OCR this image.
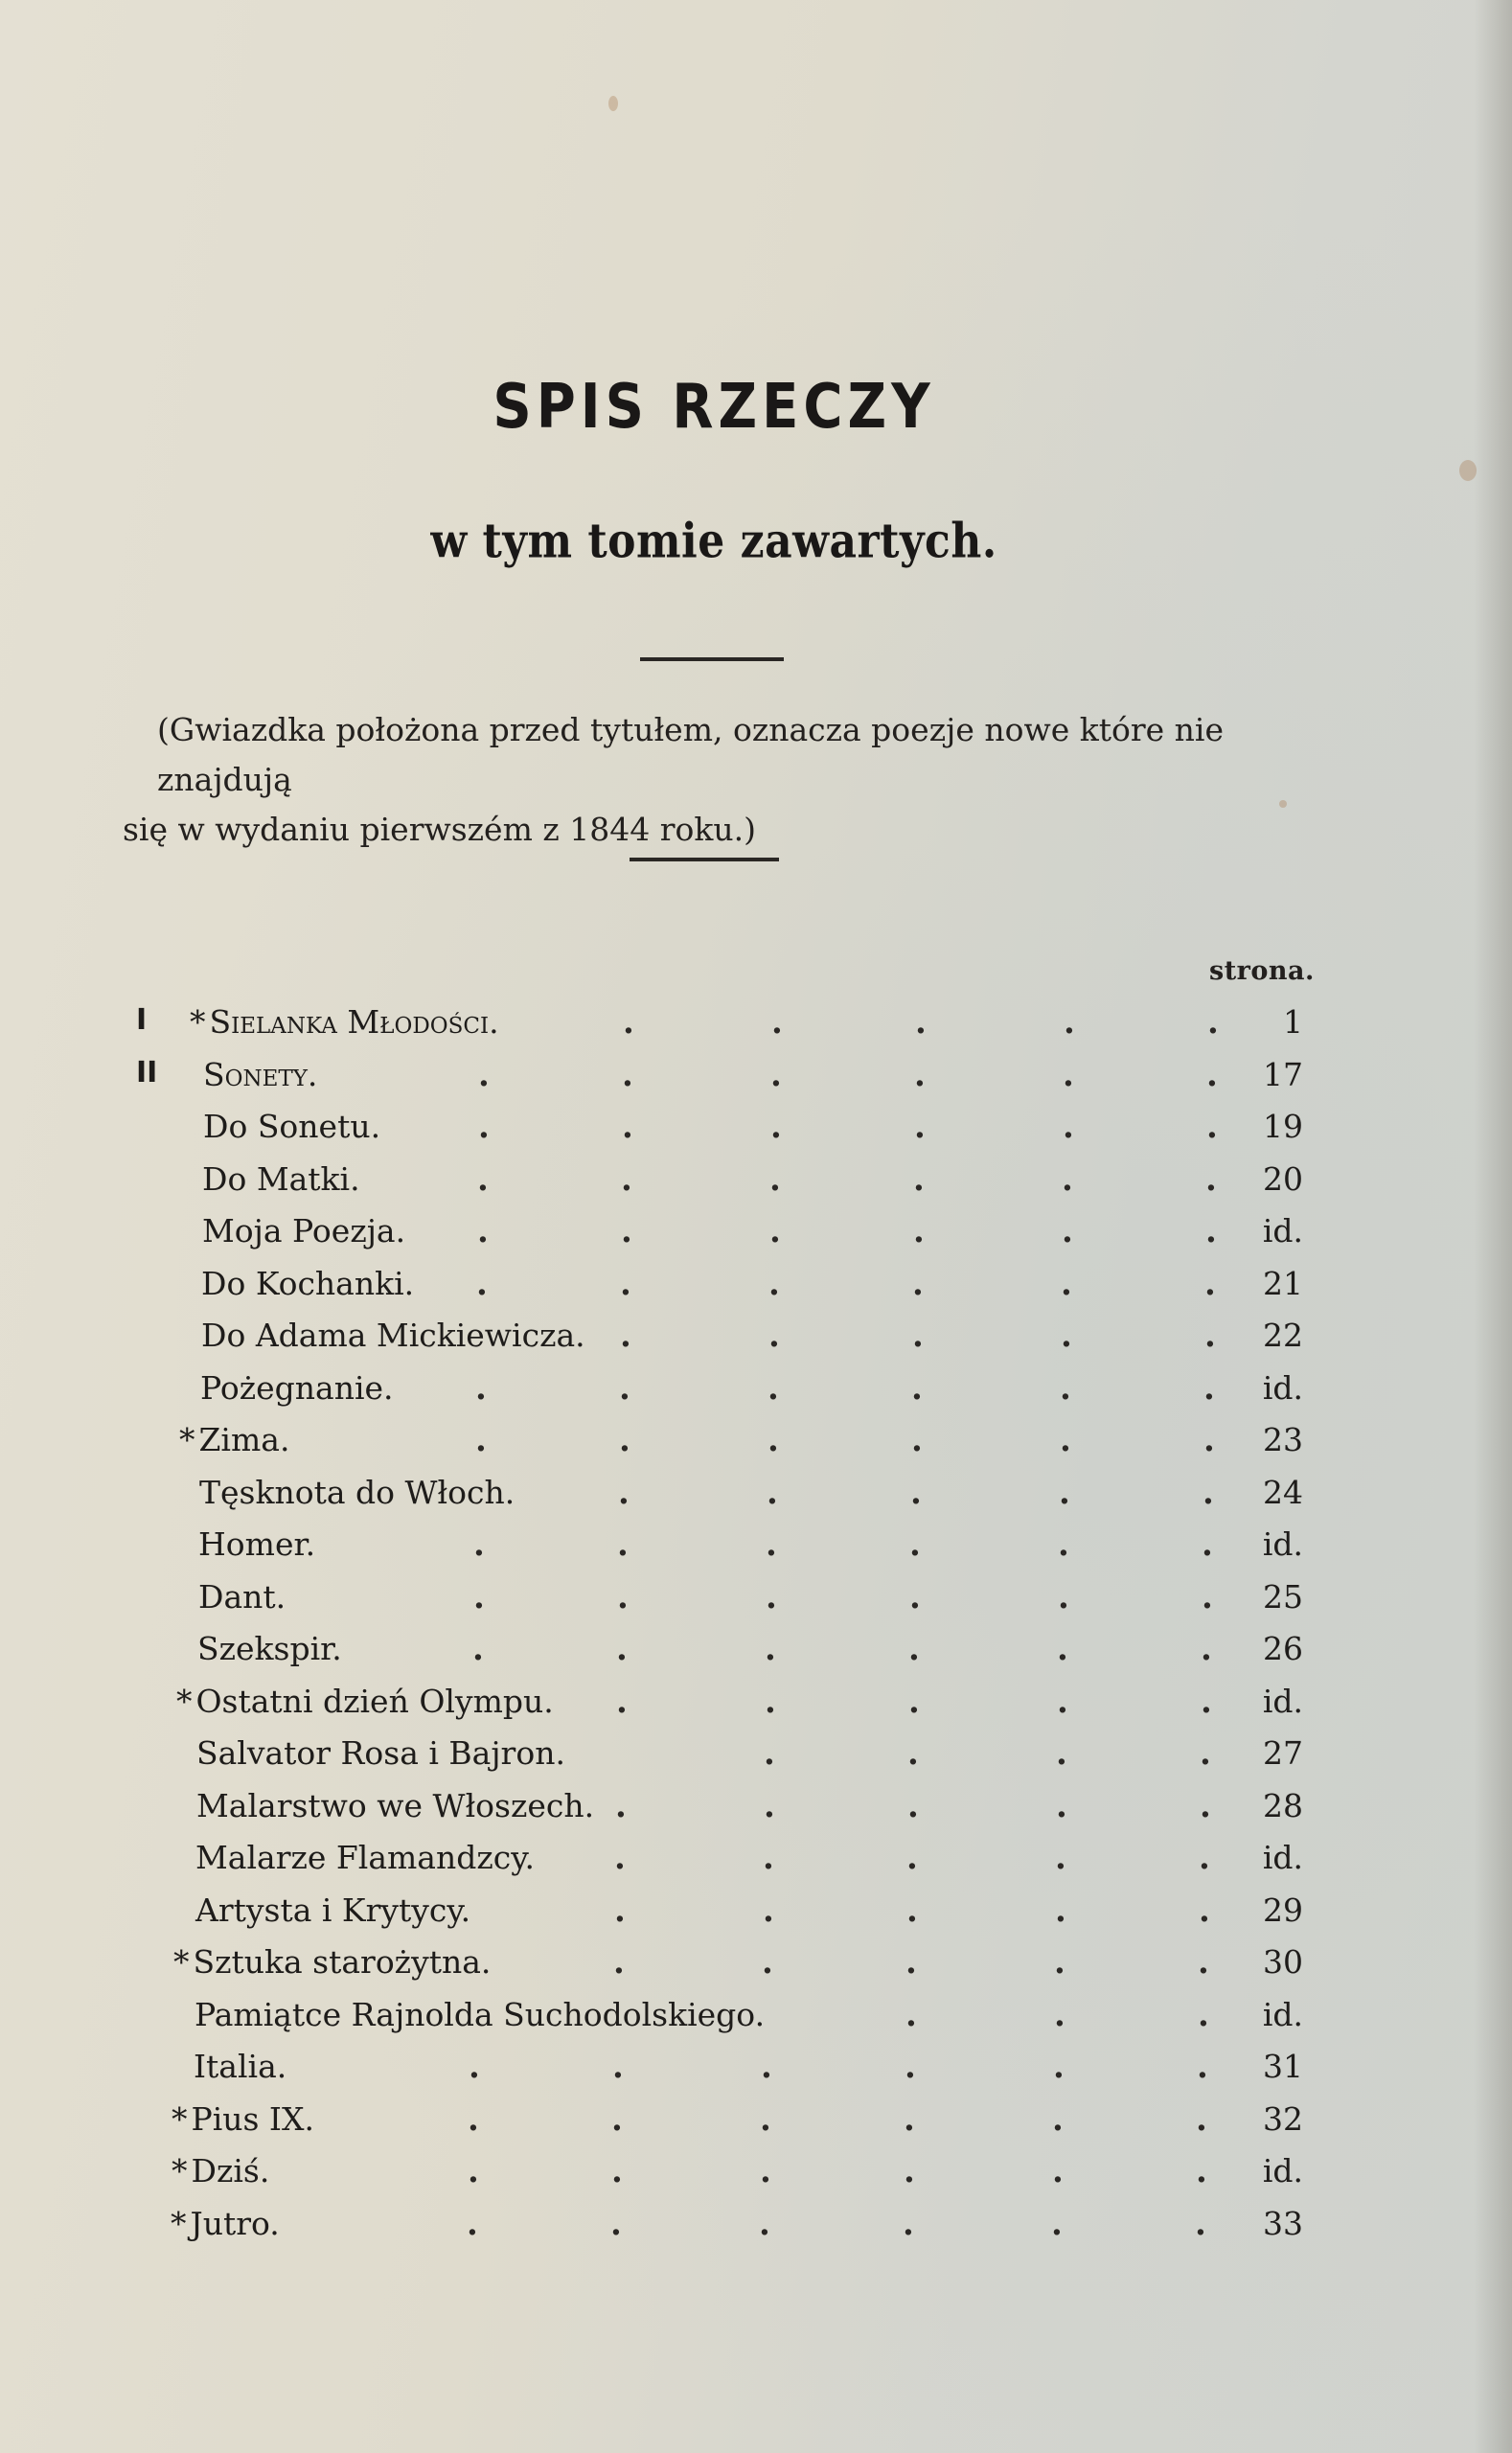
SPIS RZECZY
w tym tomie zawartych.
(Gwiazdka położona przed tytułem, oznacza poezje nowe które nie znajdują
się w wydaniu pierwszém z 1844 roku.)
strona.
I * Sielanka Młodości.	.	.	.	.	. 1
II Sonety.	.	.	.	.	.	. 17
Do Sonetu.	.	.	.	.	.	. 19
Do Matki.	.	.	.	.	.	. 20
Moja Poezja. .	.	.	.	.	. id.
Do Kochanki. .	.	.	.	.	. 21
Do Adama Mickiewicza. .	.	.	.	. 22
Pożegnanie.	.	.	.	.	.	. id.
* Zima.	.	.	.	.	.	. 23
Tęsknota do Włoch.	.	.	.	.	. 24
Homer.	.	.	.	.	.	. id.
Dant.	.	.	.	.	.	. 25
Szekspir.	.	.	.	.	.	. 26
* Ostatni dzień Olympu. .	.	.	.	. id.
Salvator Rosa i Bajron.	.	.	.	. 27
Malarstwo we Włoszech. .	.	.	.	. 28
Malarze Flamandzcy. .	.	.	.	. id.
Artysta i Krytycy.	.	.	.	.	. 29
* Sztuka starożytna.	.	.	.	.	. 30
Pamiątce Rajnolda Suchodolskiego.	.	.	. id.
Italia.	.	.	.	.	.	. 31
* Pius IX.	.	.	.	.	.	. 32
* Dziś.	.	.	.	.	.	. id.
* Jutro.	.	.	.	.	.	. 33
